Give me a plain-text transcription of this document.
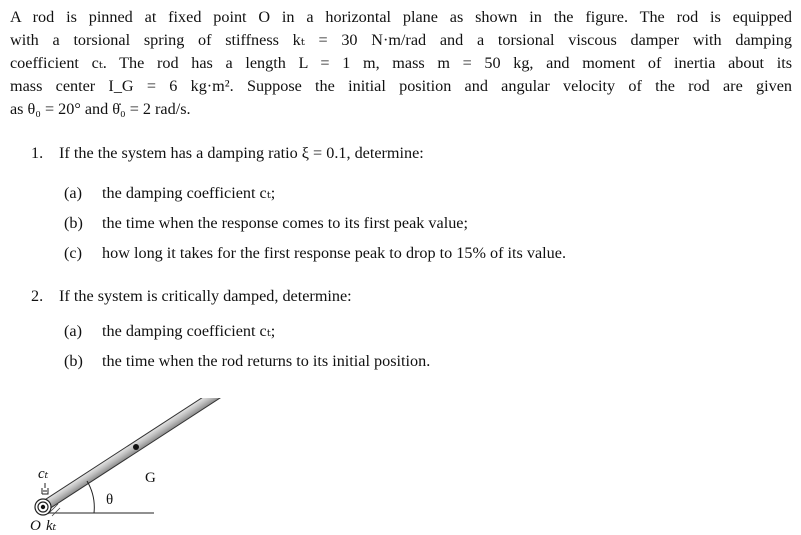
A rod is pinned at fixed point O in a horizontal plane as shown in the figure. The rod is equipped
with a torsional spring of stiffness kₜ = 30 N·m/rad and a torsional viscous damper with damping
coefficient cₜ. The rod has a length L = 1 m, mass m = 50 kg, and moment of inertia about its
mass center I_G = 6 kg·m². Suppose the initial position and angular velocity of the rod are given
as θ₀ = 20° and θ̇₀ = 2 rad/s.

1. If the the system has a damping ratio ξ = 0.1, determine:

(a) the damping coefficient cₜ;

(b) the time when the response comes to its first peak value;

(c) how long it takes for the first response peak to drop to 15% of its value.

2. If the system is critically damped, determine:

(a) the damping coefficient cₜ;

(b) the time when the rod returns to its initial position.

cₜ	G
θ
O kₜ
